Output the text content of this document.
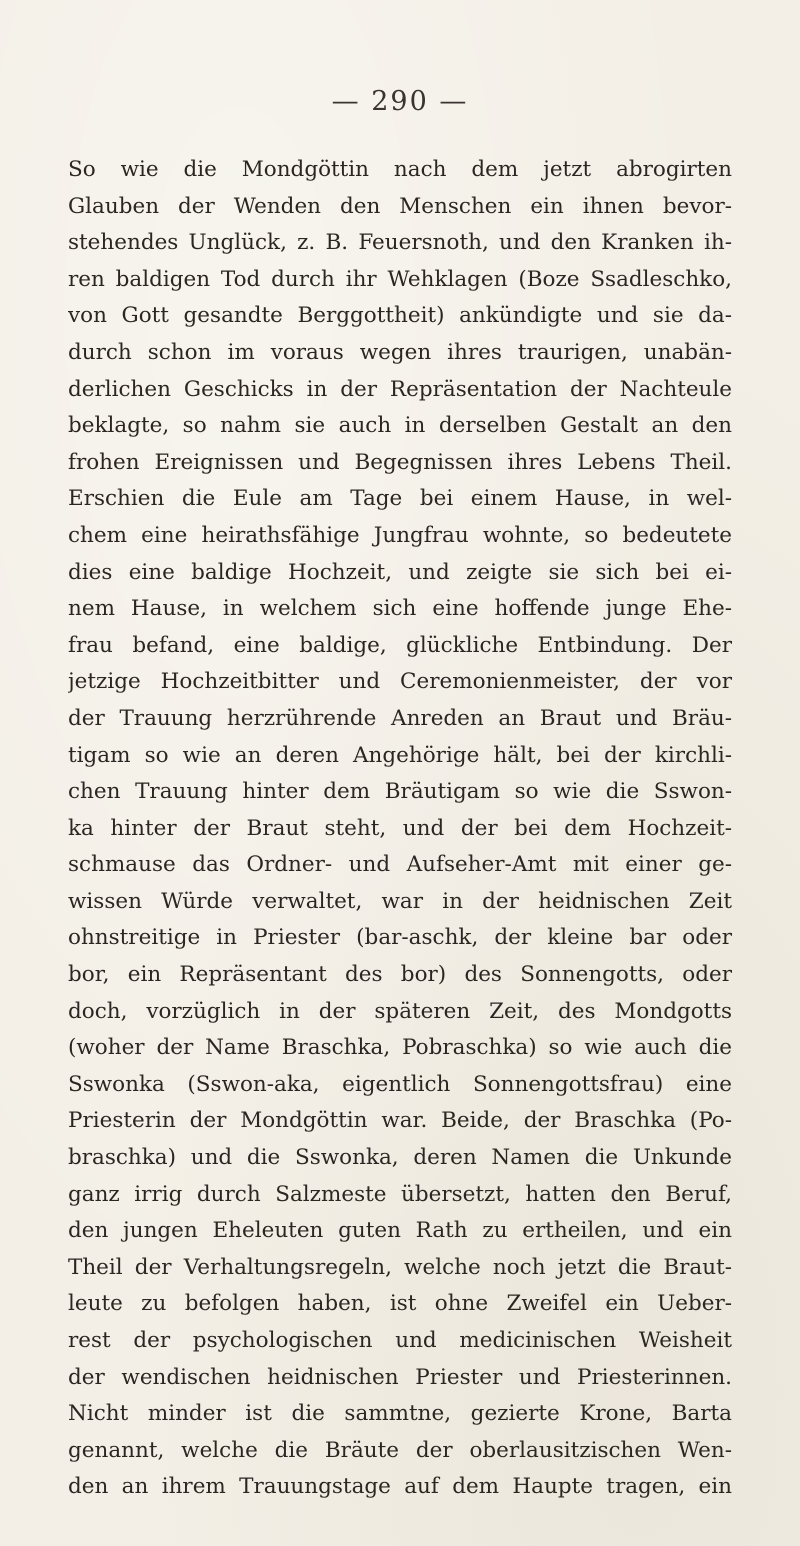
— 290 —
So wie die Mondgöttin nach dem jetzt abrogirten
Glauben der Wenden den Menschen ein ihnen bevor-
stehendes Unglück, z. B. Feuersnoth, und den Kranken ih-
ren baldigen Tod durch ihr Wehklagen (Boze Ssadleschko,
von Gott gesandte Berggottheit) ankündigte und sie da-
durch schon im voraus wegen ihres traurigen, unabän-
derlichen Geschicks in der Repräsentation der Nachteule
beklagte, so nahm sie auch in derselben Gestalt an den
frohen Ereignissen und Begegnissen ihres Lebens Theil.
Erschien die Eule am Tage bei einem Hause, in wel-
chem eine heirathsfähige Jungfrau wohnte, so bedeutete
dies eine baldige Hochzeit, und zeigte sie sich bei ei-
nem Hause, in welchem sich eine hoffende junge Ehe-
frau befand, eine baldige, glückliche Entbindung. Der
jetzige Hochzeitbitter und Ceremonienmeister, der vor
der Trauung herzrührende Anreden an Braut und Bräu-
tigam so wie an deren Angehörige hält, bei der kirchli-
chen Trauung hinter dem Bräutigam so wie die Sswon-
ka hinter der Braut steht, und der bei dem Hochzeit-
schmause das Ordner- und Aufseher-Amt mit einer ge-
wissen Würde verwaltet, war in der heidnischen Zeit
ohnstreitige in Priester (bar-aschk, der kleine bar oder
bor, ein Repräsentant des bor) des Sonnengotts, oder
doch, vorzüglich in der späteren Zeit, des Mondgotts
(woher der Name Braschka, Pobraschka) so wie auch die
Sswonka (Sswon-aka, eigentlich Sonnengottsfrau) eine
Priesterin der Mondgöttin war. Beide, der Braschka (Po-
braschka) und die Sswonka, deren Namen die Unkunde
ganz irrig durch Salzmeste übersetzt, hatten den Beruf,
den jungen Eheleuten guten Rath zu ertheilen, und ein
Theil der Verhaltungsregeln, welche noch jetzt die Braut-
leute zu befolgen haben, ist ohne Zweifel ein Ueber-
rest der psychologischen und medicinischen Weisheit
der wendischen heidnischen Priester und Priesterinnen.
Nicht minder ist die sammtne, gezierte Krone, Barta
genannt, welche die Bräute der oberlausitzischen Wen-
den an ihrem Trauungstage auf dem Haupte tragen, ein
